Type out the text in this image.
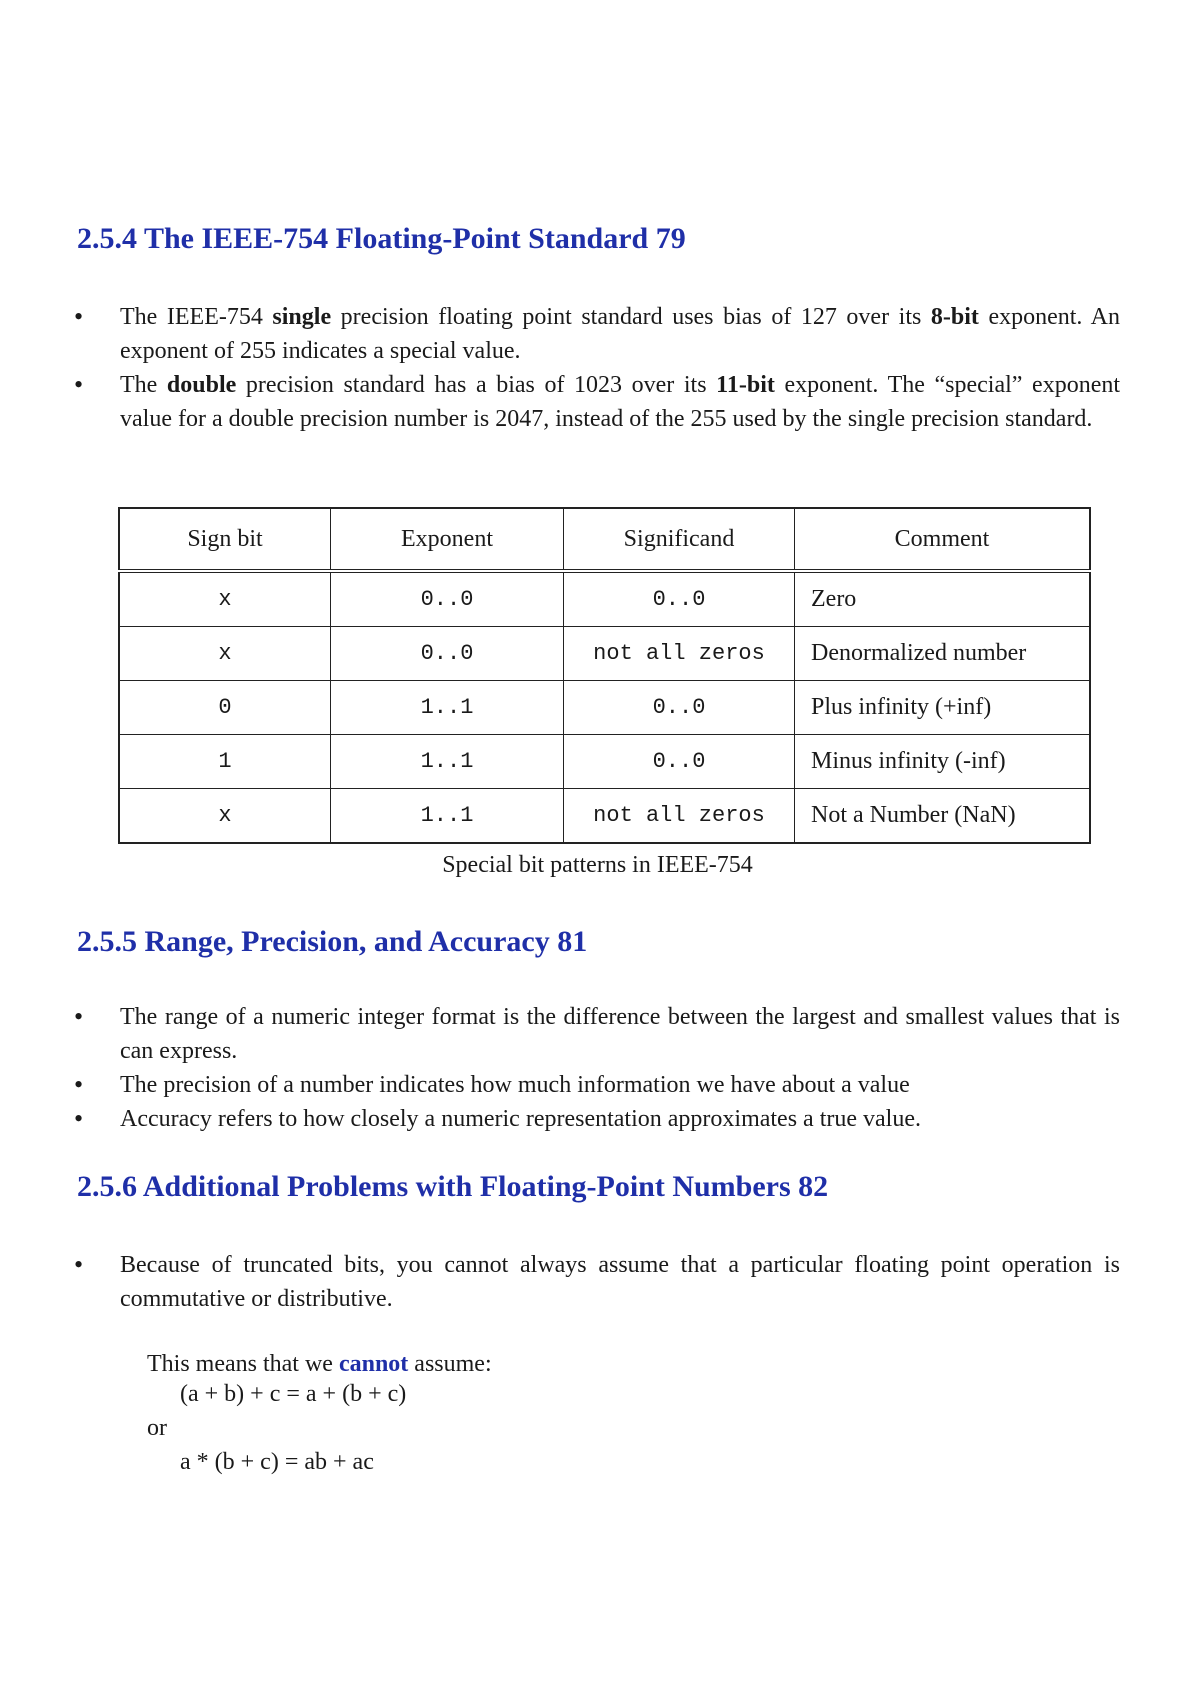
2.5.4 The IEEE-754 Floating-Point Standard 79
• The IEEE-754 single precision floating point standard uses bias of 127 over its 8-bit exponent. An exponent of 255 indicates a special value.
• The double precision standard has a bias of 1023 over its 11-bit exponent. The “special” exponent value for a double precision number is 2047, instead of the 255 used by the single precision standard.
Sign bit	Exponent	Significand	Comment
x	0..0	0..0	Zero
x	0..0	not all zeros	Denormalized number
0	1..1	0..0	Plus infinity (+inf)
1	1..1	0..0	Minus infinity (-inf)
x	1..1	not all zeros	Not a Number (NaN)
Special bit patterns in IEEE-754
2.5.5 Range, Precision, and Accuracy 81
• The range of a numeric integer format is the difference between the largest and smallest values that is can express.
• The precision of a number indicates how much information we have about a value
• Accuracy refers to how closely a numeric representation approximates a true value.
2.5.6 Additional Problems with Floating-Point Numbers 82
• Because of truncated bits, you cannot always assume that a particular floating point operation is commutative or distributive.
This means that we cannot assume:
(a + b) + c = a + (b + c)
or
a * (b + c) = ab + ac
